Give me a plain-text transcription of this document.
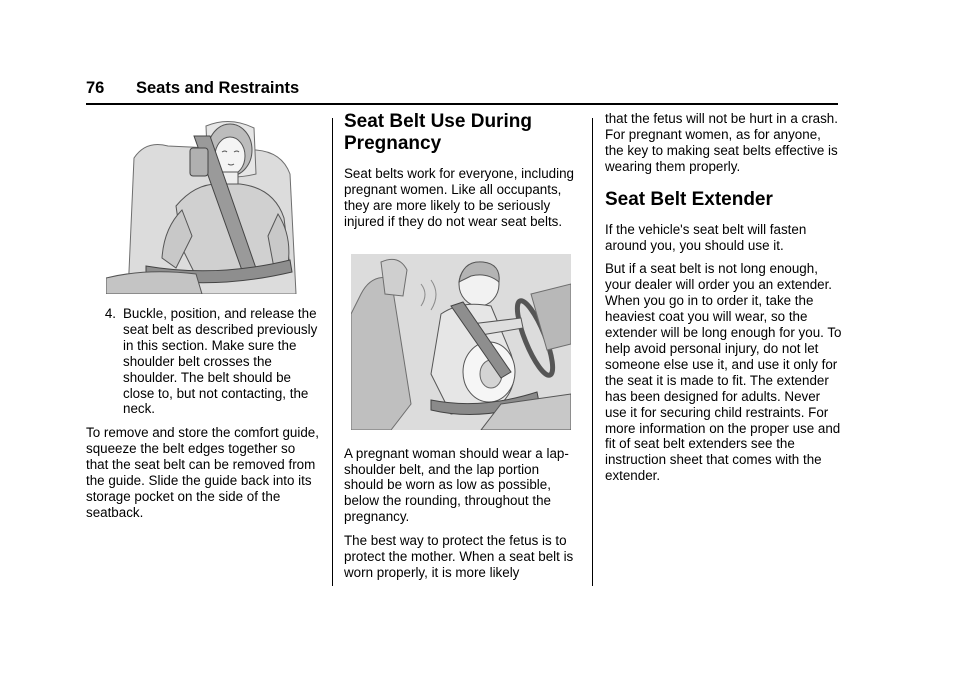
76 Seats and Restraints
4. Buckle, position, and release the seat belt as described previously in this section. Make sure the shoulder belt crosses the shoulder. The belt should be close to, but not contacting, the neck.

To remove and store the comfort guide, squeeze the belt edges together so that the seat belt can be removed from the guide. Slide the guide back into its storage pocket on the side of the seatback.

Seat Belt Use During Pregnancy

Seat belts work for everyone, including pregnant women. Like all occupants, they are more likely to be seriously injured if they do not wear seat belts.

A pregnant woman should wear a lap-shoulder belt, and the lap portion should be worn as low as possible, below the rounding, throughout the pregnancy.

The best way to protect the fetus is to protect the mother. When a seat belt is worn properly, it is more likely

that the fetus will not be hurt in a crash. For pregnant women, as for anyone, the key to making seat belts effective is wearing them properly.

Seat Belt Extender

If the vehicle's seat belt will fasten around you, you should use it.

But if a seat belt is not long enough, your dealer will order you an extender. When you go in to order it, take the heaviest coat you will wear, so the extender will be long enough for you. To help avoid personal injury, do not let someone else use it, and use it only for the seat it is made to fit. The extender has been designed for adults. Never use it for securing child restraints. For more information on the proper use and fit of seat belt extenders see the instruction sheet that comes with the extender.
